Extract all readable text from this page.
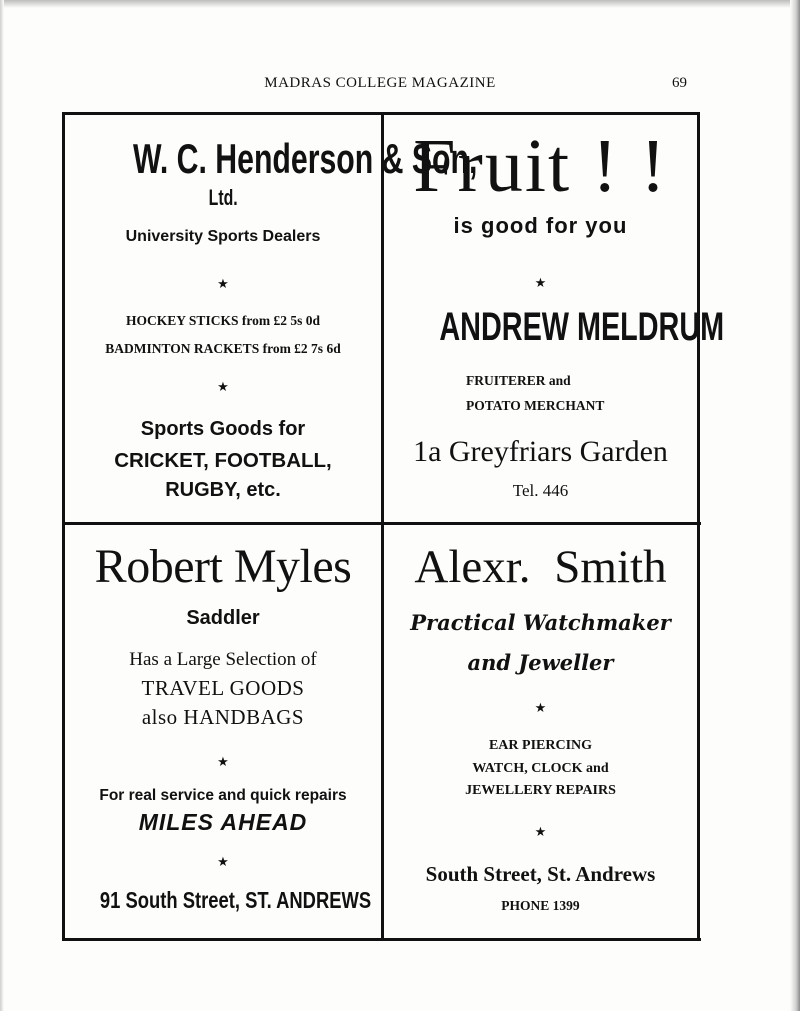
MADRAS COLLEGE MAGAZINE	69
W. C. Henderson & Son,
Ltd.
University Sports Dealers
★
HOCKEY STICKS from £2 5s 0d
BADMINTON RACKETS from £2 7s 6d
★
Sports Goods for
CRICKET, FOOTBALL,
RUGBY, etc.
Fruit ! !
is good for you
★
ANDREW MELDRUM
FRUITERER and
POTATO MERCHANT
1a Greyfriars Garden
Tel. 446
Robert Myles
Saddler
Has a Large Selection of
TRAVEL GOODS
also HANDBAGS
★
For real service and quick repairs
MILES AHEAD
★
91 South Street, ST. ANDREWS
Alexr. Smith
Practical Watchmaker
and Jeweller
★
EAR PIERCING
WATCH, CLOCK and
JEWELLERY REPAIRS
★
South Street, St. Andrews
PHONE 1399
